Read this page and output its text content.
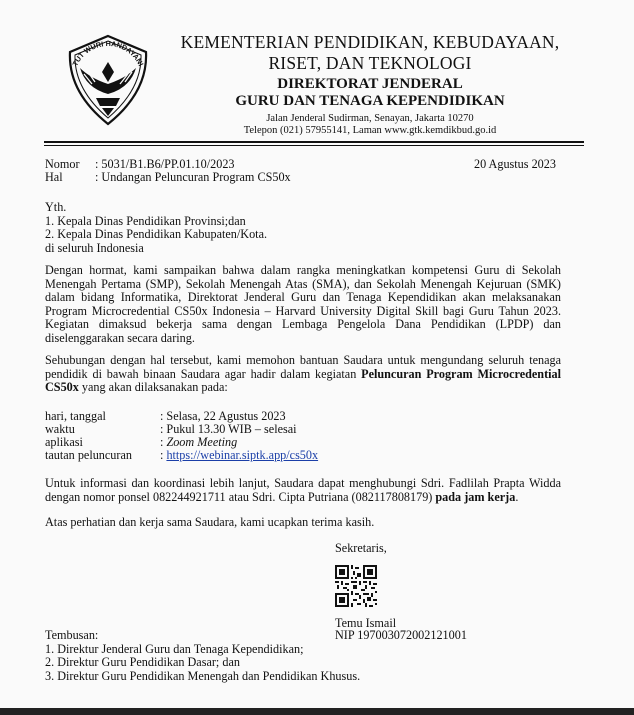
TUT WURI HANDAYANI
KEMENTERIAN PENDIDIKAN, KEBUDAYAAN,
RISET, DAN TEKNOLOGI
DIREKTORAT JENDERAL
GURU DAN TENAGA KEPENDIDIKAN
Jalan Jenderal Sudirman, Senayan, Jakarta 10270
Telepon (021) 57955141, Laman www.gtk.kemdikbud.go.id
Nomor : 5031/B1.B6/PP.01.10/2023	20 Agustus 2023
Hal	: Undangan Peluncuran Program CS50x
Yth.
1. Kepala Dinas Pendidikan Provinsi;dan
2. Kepala Dinas Pendidikan Kabupaten/Kota.
di seluruh Indonesia
Dengan hormat, kami sampaikan bahwa dalam rangka meningkatkan kompetensi Guru di Sekolah Menengah Pertama (SMP), Sekolah Menengah Atas (SMA), dan Sekolah Menengah Kejuruan (SMK) dalam bidang Informatika, Direktorat Jenderal Guru dan Tenaga Kependidikan akan melaksanakan Program Microcredential CS50x Indonesia – Harvard University Digital Skill bagi Guru Tahun 2023. Kegiatan dimaksud bekerja sama dengan Lembaga Pengelola Dana Pendidikan (LPDP) dan diselenggarakan secara daring.
Sehubungan dengan hal tersebut, kami memohon bantuan Saudara untuk mengundang seluruh tenaga pendidik di bawah binaan Saudara agar hadir dalam kegiatan Peluncuran Program Microcredential CS50x yang akan dilaksanakan pada:
hari, tanggal	: Selasa, 22 Agustus 2023
waktu	: Pukul 13.30 WIB – selesai
aplikasi	: Zoom Meeting
tautan peluncuran : https://webinar.siptk.app/cs50x
Untuk informasi dan koordinasi lebih lanjut, Saudara dapat menghubungi Sdri. Fadlilah Prapta Widda dengan nomor ponsel 082244921711 atau Sdri. Cipta Putriana (082117808179) pada jam kerja.
Atas perhatian dan kerja sama Saudara, kami ucapkan terima kasih.
Sekretaris,
Temu Ismail
NIP 197003072002121001
Tembusan:
1. Direktur Jenderal Guru dan Tenaga Kependidikan;
2. Direktur Guru Pendidikan Dasar; dan
3. Direktur Guru Pendidikan Menengah dan Pendidikan Khusus.
